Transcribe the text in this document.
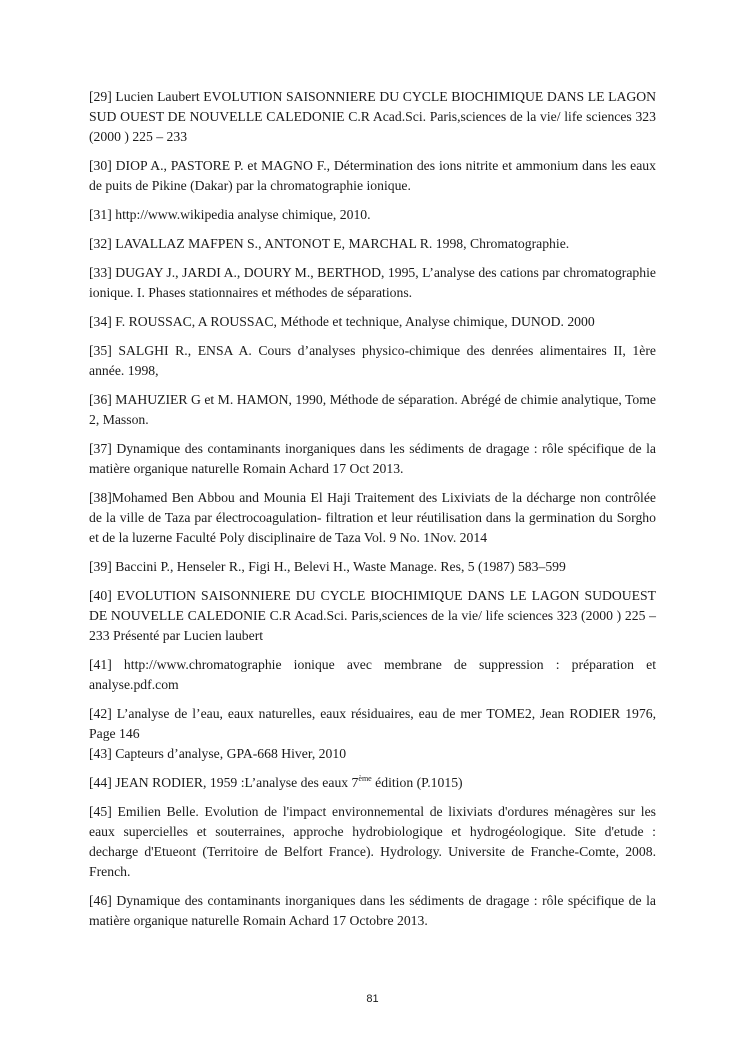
[29] Lucien Laubert EVOLUTION SAISONNIERE DU CYCLE BIOCHIMIQUE DANS LE LAGON SUD OUEST DE NOUVELLE CALEDONIE C.R Acad.Sci. Paris,sciences de la vie/ life sciences 323 (2000 ) 225 – 233

[30] DIOP A., PASTORE P. et MAGNO F., Détermination des ions nitrite et ammonium dans les eaux de puits de Pikine (Dakar) par la chromatographie ionique.

[31] http://www.wikipedia analyse chimique, 2010.

[32] LAVALLAZ MAFPEN S., ANTONOT E, MARCHAL R. 1998, Chromatographie.

[33] DUGAY J., JARDI A., DOURY M., BERTHOD, 1995, L’analyse des cations par chromatographie ionique. I. Phases stationnaires et méthodes de séparations.

[34] F. ROUSSAC, A ROUSSAC, Méthode et technique, Analyse chimique, DUNOD. 2000

[35] SALGHI R., ENSA A. Cours d’analyses physico-chimique des denrées alimentaires II, 1ère année. 1998,

[36] MAHUZIER G et M. HAMON, 1990, Méthode de séparation. Abrégé de chimie analytique, Tome 2, Masson.

[37] Dynamique des contaminants inorganiques dans les sédiments de dragage : rôle spécifique de la matière organique naturelle Romain Achard 17 Oct 2013.

[38]Mohamed Ben Abbou and Mounia El Haji Traitement des Lixiviats de la décharge non contrôlée de la ville de Taza par électrocoagulation- filtration et leur réutilisation dans la germination du Sorgho et de la luzerne Faculté Poly disciplinaire de Taza Vol. 9 No. 1Nov. 2014

[39] Baccini P., Henseler R., Figi H., Belevi H., Waste Manage. Res, 5 (1987) 583–599

[40] EVOLUTION SAISONNIERE DU CYCLE BIOCHIMIQUE DANS LE LAGON SUDOUEST DE NOUVELLE CALEDONIE C.R Acad.Sci. Paris,sciences de la vie/ life sciences 323 (2000 ) 225 – 233 Présenté par Lucien laubert

[41] http://www.chromatographie ionique avec membrane de suppression : préparation et analyse.pdf.com

[42] L’analyse de l’eau, eaux naturelles, eaux résiduaires, eau de mer TOME2, Jean RODIER 1976, Page 146

[43] Capteurs d’analyse, GPA-668 Hiver, 2010

[44] JEAN RODIER, 1959 :L’analyse des eaux 7ème édition (P.1015)

[45] Emilien Belle. Evolution de l'impact environnemental de lixiviats d'ordures ménagères sur les eaux supercielles et souterraines, approche hydrobiologique et hydrogéologique. Site d'etude : decharge d'Etueont (Territoire de Belfort France). Hydrology. Universite de Franche-Comte, 2008. French.

[46] Dynamique des contaminants inorganiques dans les sédiments de dragage : rôle spécifique de la matière organique naturelle Romain Achard 17 Octobre 2013.

81
